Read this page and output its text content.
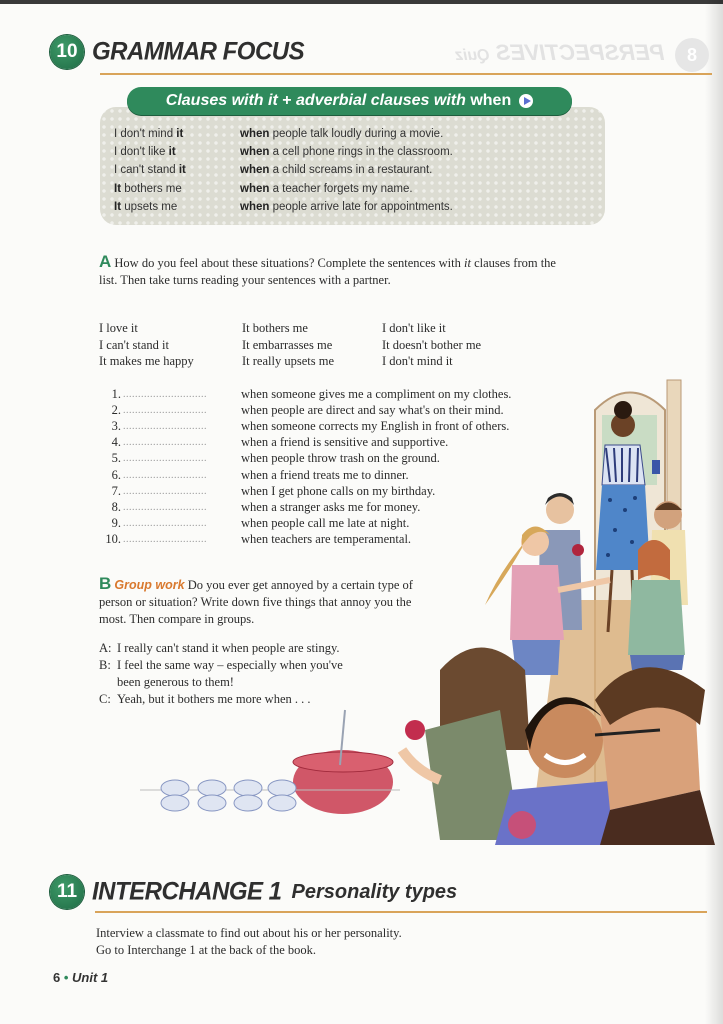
PERSPECTIVES Quiz	8
10 GRAMMAR FOCUS
Clauses with it + adverbial clauses with when
I don't mind it	when people talk loudly during a movie.
I don't like it	when a cell phone rings in the classroom.
I can't stand it	when a child screams in a restaurant.
It bothers me	when a teacher forgets my name.
It upsets me	when people arrive late for appointments.
A How do you feel about these situations? Complete the sentences with it clauses from the list. Then take turns reading your sentences with a partner.
I love it	It bothers me	I don't like it
I can't stand it	It embarrasses me	It doesn't bother me
It makes me happy	It really upsets me	I don't mind it
1. ............................	when someone gives me a compliment on my clothes.
2. ............................	when people are direct and say what's on their mind.
3. ............................	when someone corrects my English in front of others.
4. ............................	when a friend is sensitive and supportive.
5. ............................	when people throw trash on the ground.
6. ............................	when a friend treats me to dinner.
7. ............................	when I get phone calls on my birthday.
8. ............................	when a stranger asks me for money.
9. ............................	when people call me late at night.
10. ............................	when teachers are temperamental.
B Group work Do you ever get annoyed by a certain type of person or situation? Write down five things that annoy you the most. Then compare in groups.
A: I really can't stand it when people are stingy.
B: I feel the same way – especially when you've
been generous to them!
C: Yeah, but it bothers me more when . . .
11 INTERCHANGE 1 Personality types
Interview a classmate to find out about his or her personality.
Go to Interchange 1 at the back of the book.
6 • Unit 1
